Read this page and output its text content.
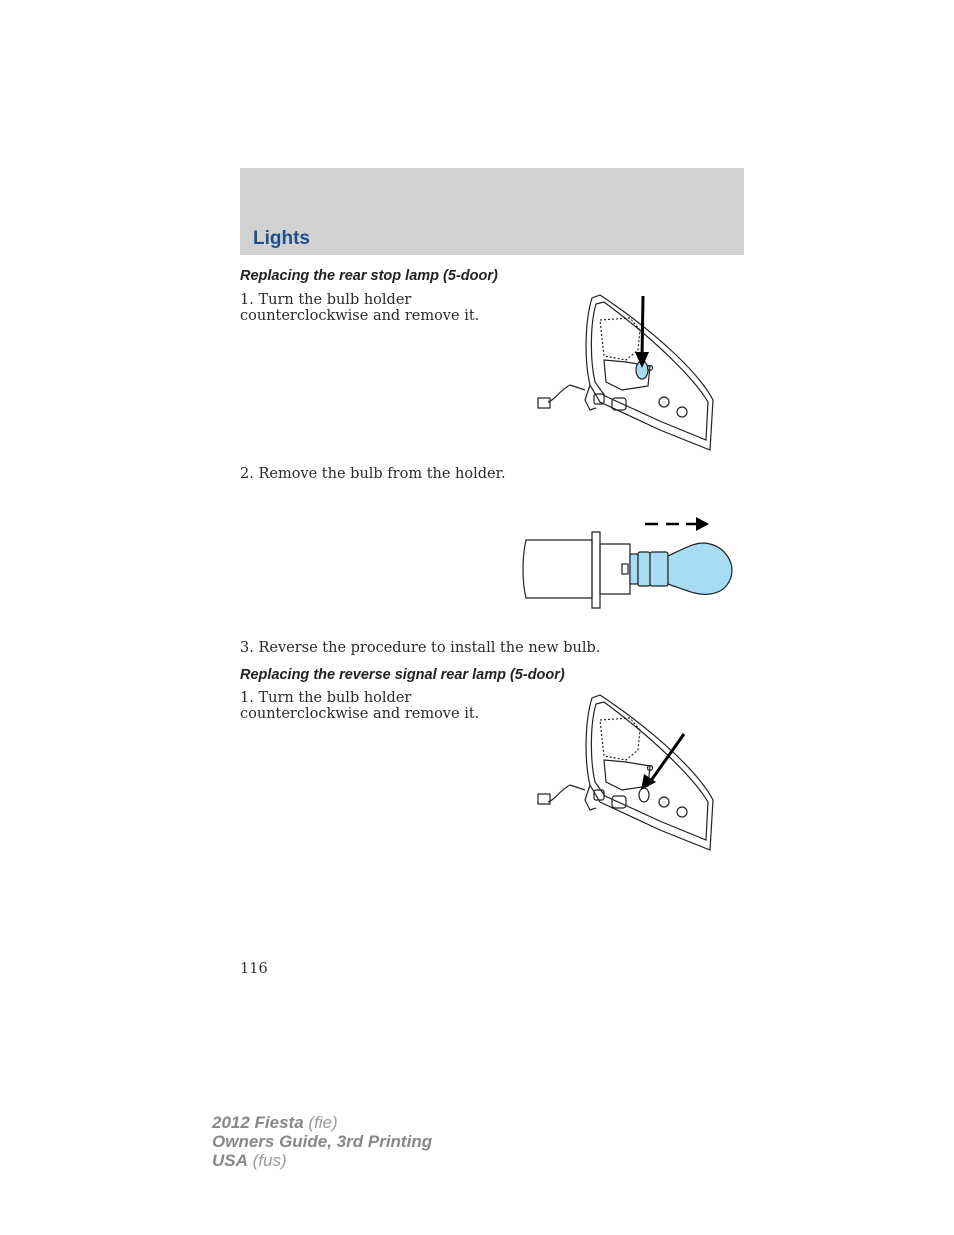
Lights
Replacing the rear stop lamp (5-door)
1. Turn the bulb holder counterclockwise and remove it.
2. Remove the bulb from the holder.
3. Reverse the procedure to install the new bulb.
Replacing the reverse signal rear lamp (5-door)
1. Turn the bulb holder counterclockwise and remove it.
116
2012 Fiesta (fie)
Owners Guide, 3rd Printing
USA (fus)
